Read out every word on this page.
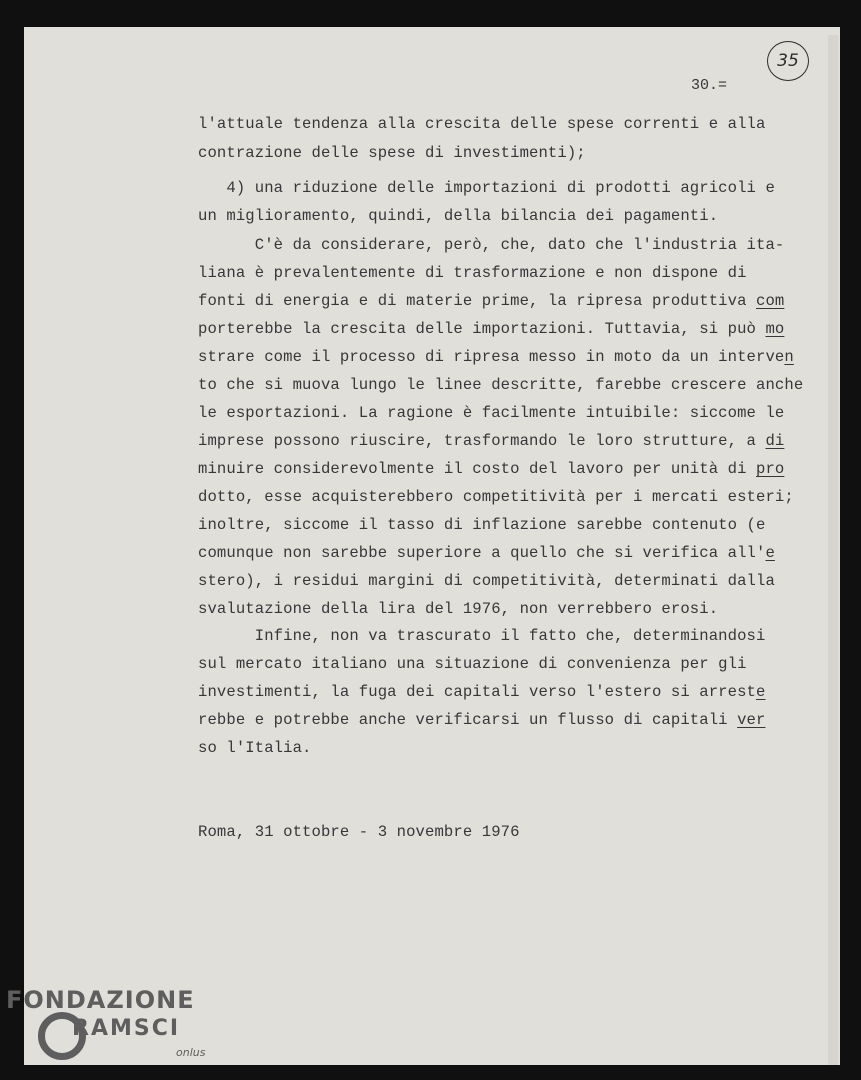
35
30.=
l'attuale tendenza alla crescita delle spese correnti e alla
contrazione delle spese di investimenti);
4) una riduzione delle importazioni di prodotti agricoli e
un miglioramento, quindi, della bilancia dei pagamenti.
C'è da considerare, però, che, dato che l'industria ita-
liana è prevalentemente di trasformazione e non dispone di
fonti di energia e di materie prime, la ripresa produttiva com
porterebbe la crescita delle importazioni. Tuttavia, si può mo
strare come il processo di ripresa messo in moto da un interven
to che si muova lungo le linee descritte, farebbe crescere anche
le esportazioni. La ragione è facilmente intuibile: siccome le
imprese possono riuscire, trasformando le loro strutture, a di
minuire considerevolmente il costo del lavoro per unità di pro
dotto, esse acquisterebbero competitività per i mercati esteri;
inoltre, siccome il tasso di inflazione sarebbe contenuto (e
comunque non sarebbe superiore a quello che si verifica all'e
stero), i residui margini di competitività, determinati dalla
svalutazione della lira del 1976, non verrebbero erosi.
Infine, non va trascurato il fatto che, determinandosi
sul mercato italiano una situazione di convenienza per gli
investimenti, la fuga dei capitali verso l'estero si arreste
rebbe e potrebbe anche verificarsi un flusso di capitali ver
so l'Italia.
Roma, 31 ottobre - 3 novembre 1976
FONDAZIONE
RAMSCI
onlus
